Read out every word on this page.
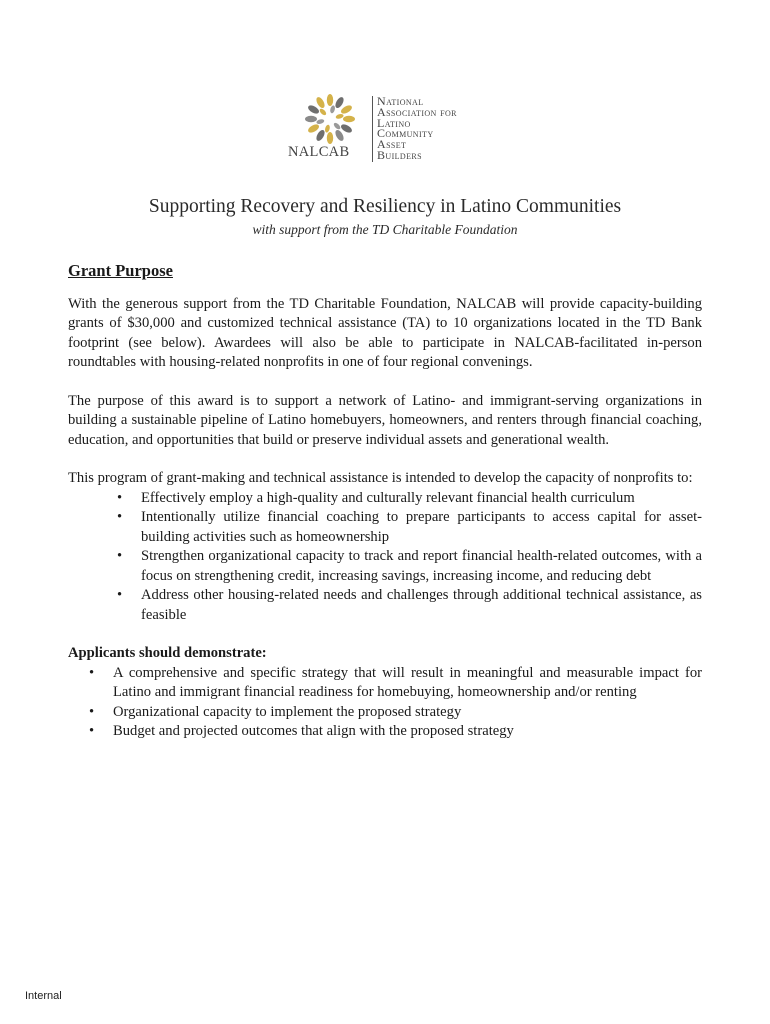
NALCAB
National
Association for
Latino
Community
Asset
Builders
Supporting Recovery and Resiliency in Latino Communities
with support from the TD Charitable Foundation
Grant Purpose

With the generous support from the TD Charitable Foundation, NALCAB will provide capacity-building grants of $30,000 and customized technical assistance (TA) to 10 organizations located in the TD Bank footprint (see below). Awardees will also be able to participate in NALCAB-facilitated in-person roundtables with housing-related nonprofits in one of four regional convenings.

The purpose of this award is to support a network of Latino- and immigrant-serving organizations in building a sustainable pipeline of Latino homebuyers, homeowners, and renters through financial coaching, education, and opportunities that build or preserve individual assets and generational wealth.

This program of grant-making and technical assistance is intended to develop the capacity of nonprofits to:

• Effectively employ a high-quality and culturally relevant financial health curriculum
• Intentionally utilize financial coaching to prepare participants to access capital for asset-building activities such as homeownership
• Strengthen organizational capacity to track and report financial health-related outcomes, with a focus on strengthening credit, increasing savings, increasing income, and reducing debt
• Address other housing-related needs and challenges through additional technical assistance, as feasible
Applicants should demonstrate:
• A comprehensive and specific strategy that will result in meaningful and measurable impact for Latino and immigrant financial readiness for homebuying, homeownership and/or renting
• Organizational capacity to implement the proposed strategy
• Budget and projected outcomes that align with the proposed strategy
Internal
